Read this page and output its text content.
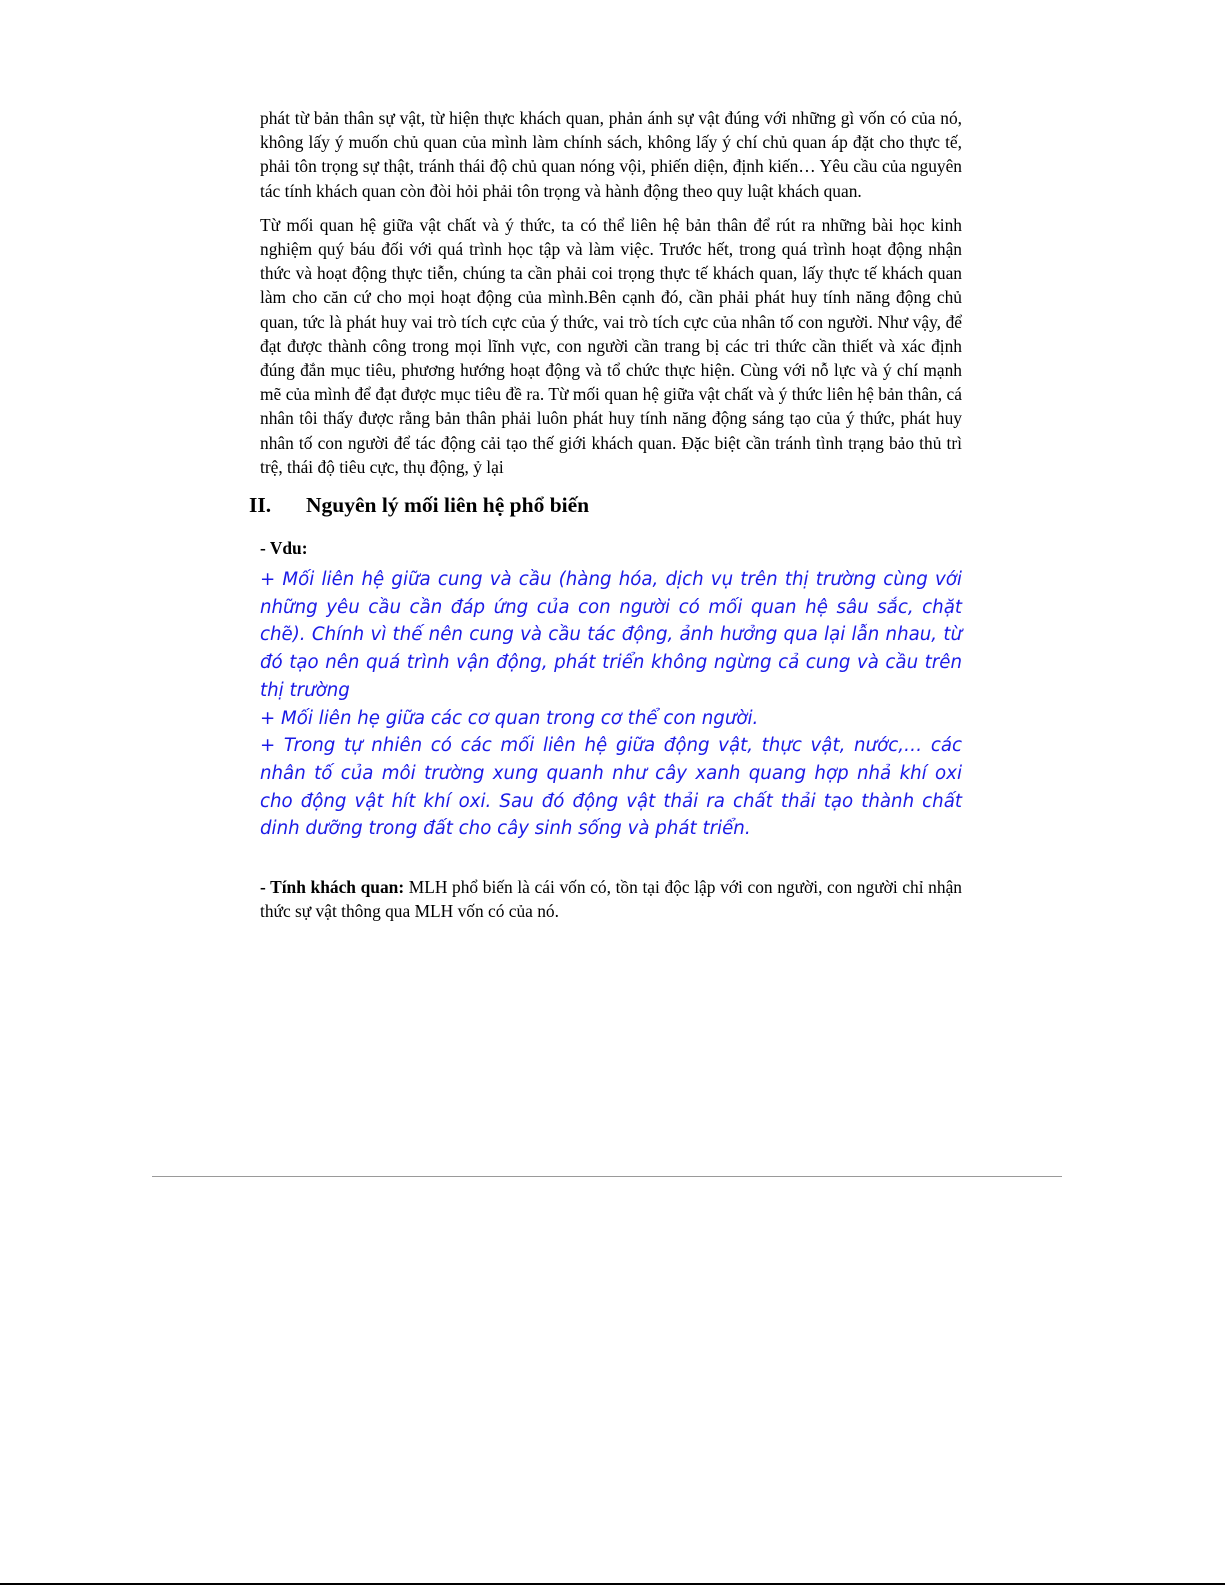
phát từ bản thân sự vật, từ hiện thực khách quan, phản ánh sự vật đúng với những gì vốn có của nó, không lấy ý muốn chủ quan của mình làm chính sách, không lấy ý chí chủ quan áp đặt cho thực tế, phải tôn trọng sự thật, tránh thái độ chủ quan nóng vội, phiến diện, định kiến… Yêu cầu của nguyên tác tính khách quan còn đòi hỏi phải tôn trọng và hành động theo quy luật khách quan.

Từ mối quan hệ giữa vật chất và ý thức, ta có thể liên hệ bản thân để rút ra những bài học kinh nghiệm quý báu đối với quá trình học tập và làm việc. Trước hết, trong quá trình hoạt động nhận thức và hoạt động thực tiễn, chúng ta cần phải coi trọng thực tế khách quan, lấy thực tế khách quan làm cho căn cứ cho mọi hoạt động của mình.Bên cạnh đó, cần phải phát huy tính năng động chủ quan, tức là phát huy vai trò tích cực của ý thức, vai trò tích cực của nhân tố con người. Như vậy, để đạt được thành công trong mọi lĩnh vực, con người cần trang bị các tri thức cần thiết và xác định đúng đắn mục tiêu, phương hướng hoạt động và tổ chức thực hiện. Cùng với nỗ lực và ý chí mạnh mẽ của mình để đạt được mục tiêu đề ra. Từ mối quan hệ giữa vật chất và ý thức liên hệ bản thân, cá nhân tôi thấy được rằng bản thân phải luôn phát huy tính năng động sáng tạo của ý thức, phát huy nhân tố con người để tác động cải tạo thế giới khách quan. Đặc biệt cần tránh tình trạng bảo thủ trì trệ, thái độ tiêu cực, thụ động, ỷ lại

II.	Nguyên lý mối liên hệ phổ biến
- Vdu:

+ Mối liên hệ giữa cung và cầu (hàng hóa, dịch vụ trên thị trường cùng với những yêu cầu cần đáp ứng của con người có mối quan hệ sâu sắc, chặt chẽ). Chính vì thế nên cung và cầu tác động, ảnh hưởng qua lại lẫn nhau, từ đó tạo nên quá trình vận động, phát triển không ngừng cả cung và cầu trên thị trường

+ Mối liên hẹ giữa các cơ quan trong cơ thể con người.

+ Trong tự nhiên có các mối liên hệ giữa động vật, thực vật, nước,… các nhân tố của môi trường xung quanh như cây xanh quang hợp nhả khí oxi cho động vật hít khí oxi. Sau đó động vật thải ra chất thải tạo thành chất dinh dưỡng trong đất cho cây sinh sống và phát triển.

- Tính khách quan: MLH phổ biến là cái vốn có, tồn tại độc lập với con người, con người chỉ nhận thức sự vật thông qua MLH vốn có của nó.
